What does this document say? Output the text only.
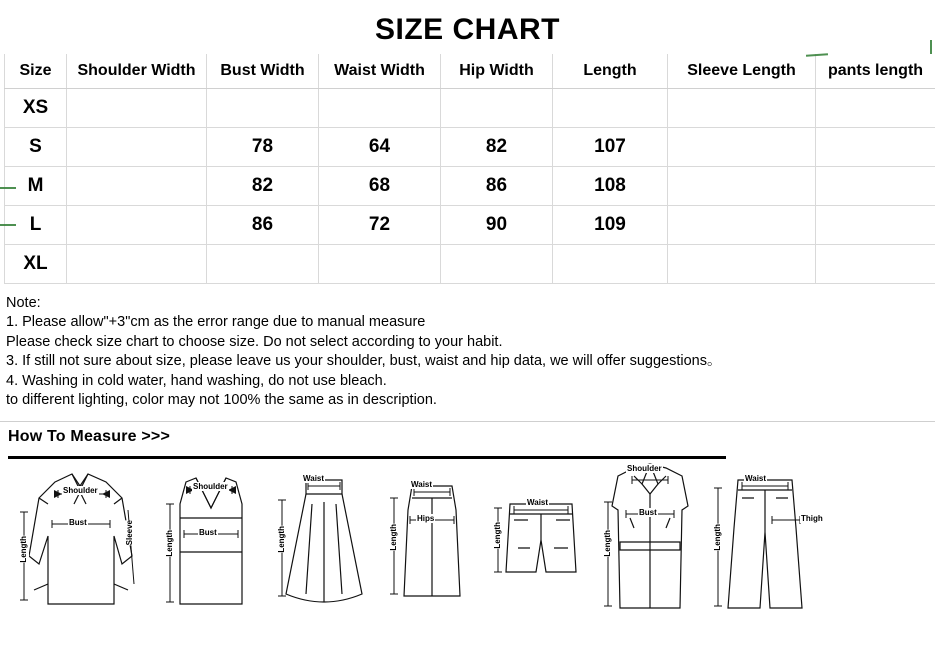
SIZE CHART
Size	Shoulder Width	Bust Width	Waist Width	Hip Width	Length	Sleeve Length	pants length
XS							
S		78	64	82	107		
M		82	68	86	108		
L		86	72	90	109		
XL							
Note:
1. Please allow"+3"cm as the error range due to manual measure
Please check size chart to choose size. Do not select according to your habit.
3. If still not sure about size, please leave us your shoulder, bust, waist and hip data, we will offer suggestions。
4. Washing in cold water, hand washing, do not use bleach.
to different lighting, color may not 100% the same as in description.
How To Measure >>>
Shoulder
Bust	Sleeve
Length
Shoulder
Bust
Length
Waist
Length
Waist
Hips
Length
Waist
Length
Shoulder
Bust
Length
Waist
Thigh
Length
